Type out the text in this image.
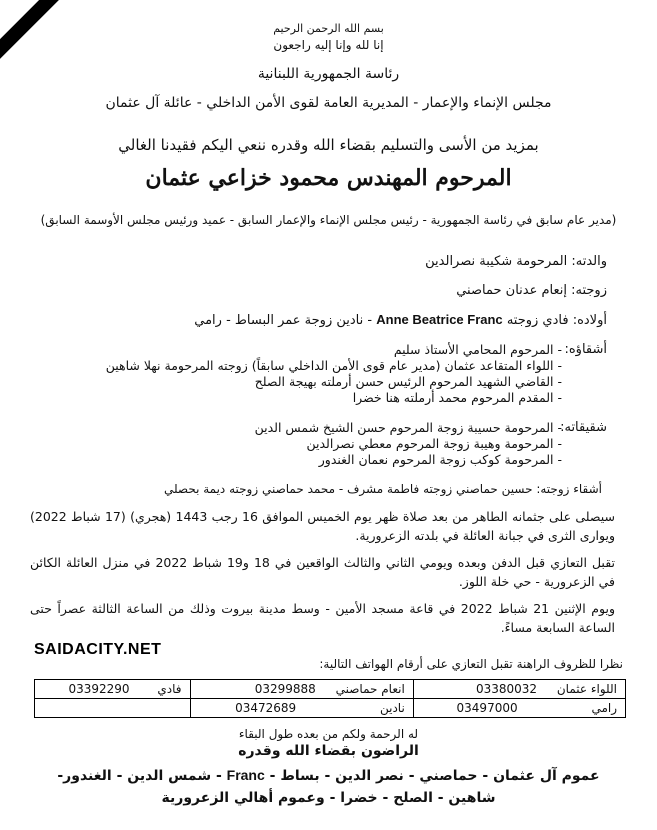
بسم الله الرحمن الرحيم
إنا لله وإنا إليه راجعون
رئاسة الجمهورية اللبنانية
مجلس الإنماء والإعمار - المديرية العامة لقوى الأمن الداخلي - عائلة آل عثمان
بمزيد من الأسى والتسليم بقضاء الله وقدره ننعي اليكم فقيدنا الغالي
المرحوم المهندس محمود خزاعي عثمان
(مدير عام سابق في رئاسة الجمهورية - رئيس مجلس الإنماء والإعمار السابق - عميد ورئيس مجلس الأوسمة السابق)
والدته: المرحومة شكيبة نصرالدين
زوجته: إنعام عدنان حماصني
أولاده: فادي زوجته Anne Beatrice Franc - نادين زوجة عمر البساط - رامي
أشقاؤه:
- المرحوم المحامي الأستاذ سليم
- اللواء المتقاعد عثمان (مدير عام قوى الأمن الداخلي سابقاً) زوجته المرحومة نهلا شاهين
- القاضي الشهيد المرحوم الرئيس حسن أرملته بهيجة الصلح
- المقدم المرحوم محمد أرملته هنا خضرا
شقيقاته:
- المرحومة حسيبة زوجة المرحوم حسن الشيخ شمس الدين
- المرحومة وهيبة زوجة المرحوم معطي نصرالدين
- المرحومة كوكب زوجة المرحوم نعمان الغندور
أشقاء زوجته: حسين حماصني زوجته فاطمة مشرف - محمد حماصني زوجته ديمة بحصلي
سيصلى على جثمانه الطاهر من بعد صلاة ظهر يوم الخميس الموافق 16 رجب 1443 (هجري) (17 شباط 2022) ويوارى الثرى في جبانة العائلة في بلدته الزعرورية.
تقبل التعازي قبل الدفن وبعده ويومي الثاني والثالث الواقعين في 18 و19 شباط 2022 في منزل العائلة الكائن في الزعرورية - حي خلة اللوز.
ويوم الإثنين 21 شباط 2022 في قاعة مسجد الأمين - وسط مدينة بيروت وذلك من الساعة الثالثة عصراً حتى الساعة السابعة مساءً.
SAIDACITY.NET
نظرا للظروف الراهنة تقبل التعازي على أرقام الهواتف التالية:
اللواء عثمان 03380032	انعام حماصني 03299888	فادي 03392290
رامي 03497000	نادين 03472689	
له الرحمة ولكم من بعده طول البقاء
الراضون بقضاء الله وقدره
عموم آل عثمان - حماصني - نصر الدين - بساط - Franc - شمس الدين - الغندور-
شاهين - الصلح - خضرا - وعموم أهالي الزعرورية
